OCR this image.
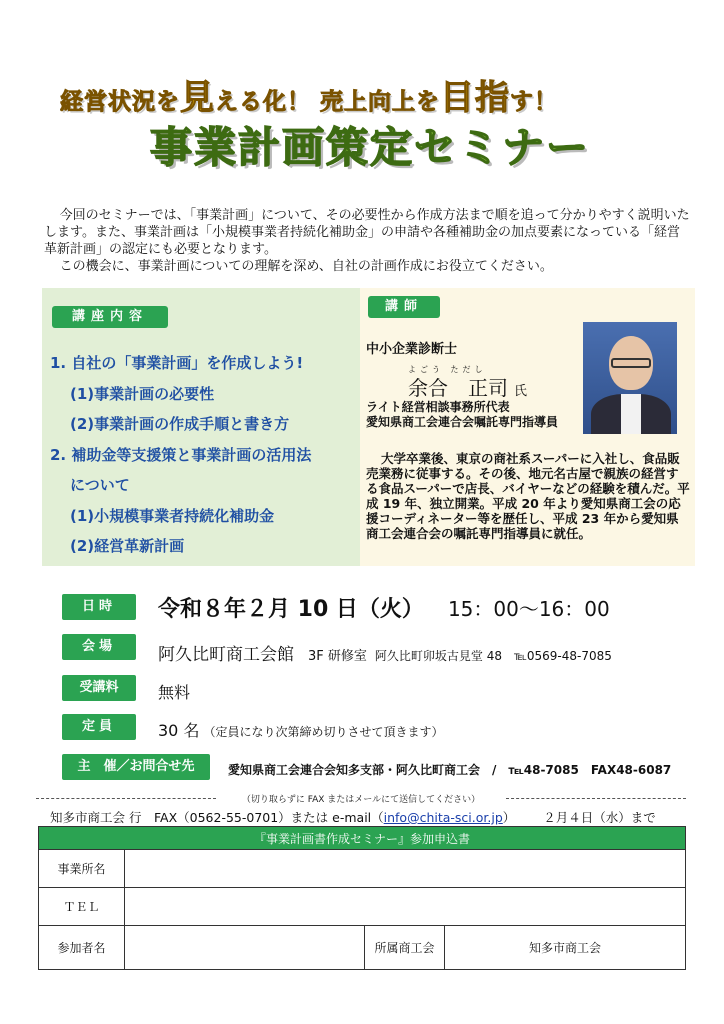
経営状況を見える化！ 売上向上を目指す！
事業計画策定セミナー

今回のセミナーでは、「事業計画」について、その必要性から作成方法まで順を追って分かりやすく説明いたします。また、事業計画は「小規模事業者持続化補助金」の申請や各種補助金の加点要素になっている「経営革新計画」の認定にも必要となります。

この機会に、事業計画についての理解を深め、自社の計画作成にお役立てください。

講座内容
1. 自社の「事業計画」を作成しよう!
(1)事業計画の必要性
(2)事業計画の作成手順と書き方
2. 補助金等支援策と事業計画の活用法
について
(1)小規模事業者持続化補助金
(2)経営革新計画
講師
中小企業診断士
よごう ただし
余合　正司 氏
ライト経営相談事務所代表
愛知県商工会連合会嘱託専門指導員
大学卒業後、東京の商社系スーパーに入社し、食品販売業務に従事する。その後、地元名古屋で親族の経営する食品スーパーで店長、バイヤーなどの経験を積んだ。平成 19 年、独立開業。平成 20 年より愛知県商工会の応援コーディネーター等を歴任し、平成 23 年から愛知県商工会連合会の嘱託専門指導員に就任。
日時	令和８年２月 10 日（火） 15：00～16：00
会場	阿久比町商工会館 3F 研修室 阿久比町卯坂古見堂 48　℡0569-48-7085
受講料	無料
定員	30 名 （定員になり次第締め切りさせて頂きます）
主　催／お問合せ先	愛知県商工会連合会知多支部・阿久比町商工会　/　℡48-7085　FAX48-6087
（切り取らずに FAX またはメールにて送信してください）
知多市商工会 行　FAX（0562-55-0701）または e-mail（info@chita-sci.or.jp） ２月４日（水）まで
『事業計画書作成セミナー』参加申込書			
事業所名			
ＴＥＬ			
参加者名		所属商工会	知多市商工会
